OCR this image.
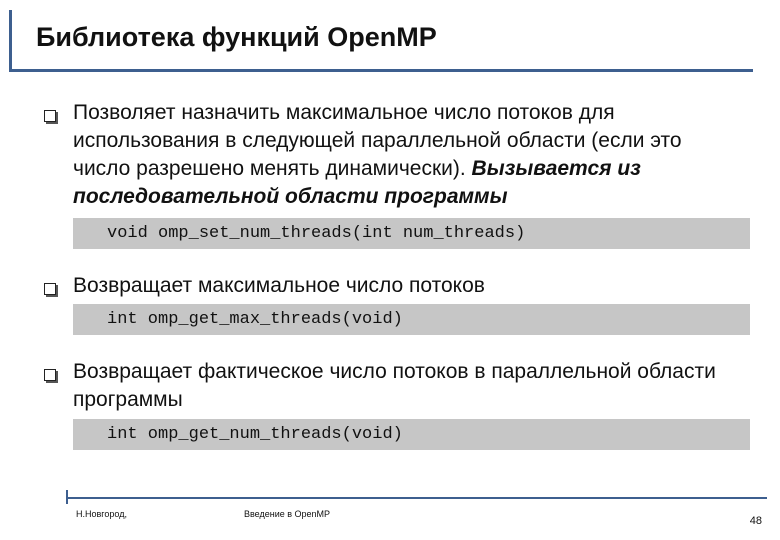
Библиотека функций OpenMP
Позволяет назначить максимальное число потоков для использования в следующей параллельной области (если это число разрешено менять динамически). Вызывается из последовательной области программы
void omp_set_num_threads(int num_threads)
Возвращает максимальное число потоков
int omp_get_max_threads(void)
Возвращает фактическое число потоков в параллельной области программы
int omp_get_num_threads(void)
Н.Новгород,	Введение в OpenMP
48
